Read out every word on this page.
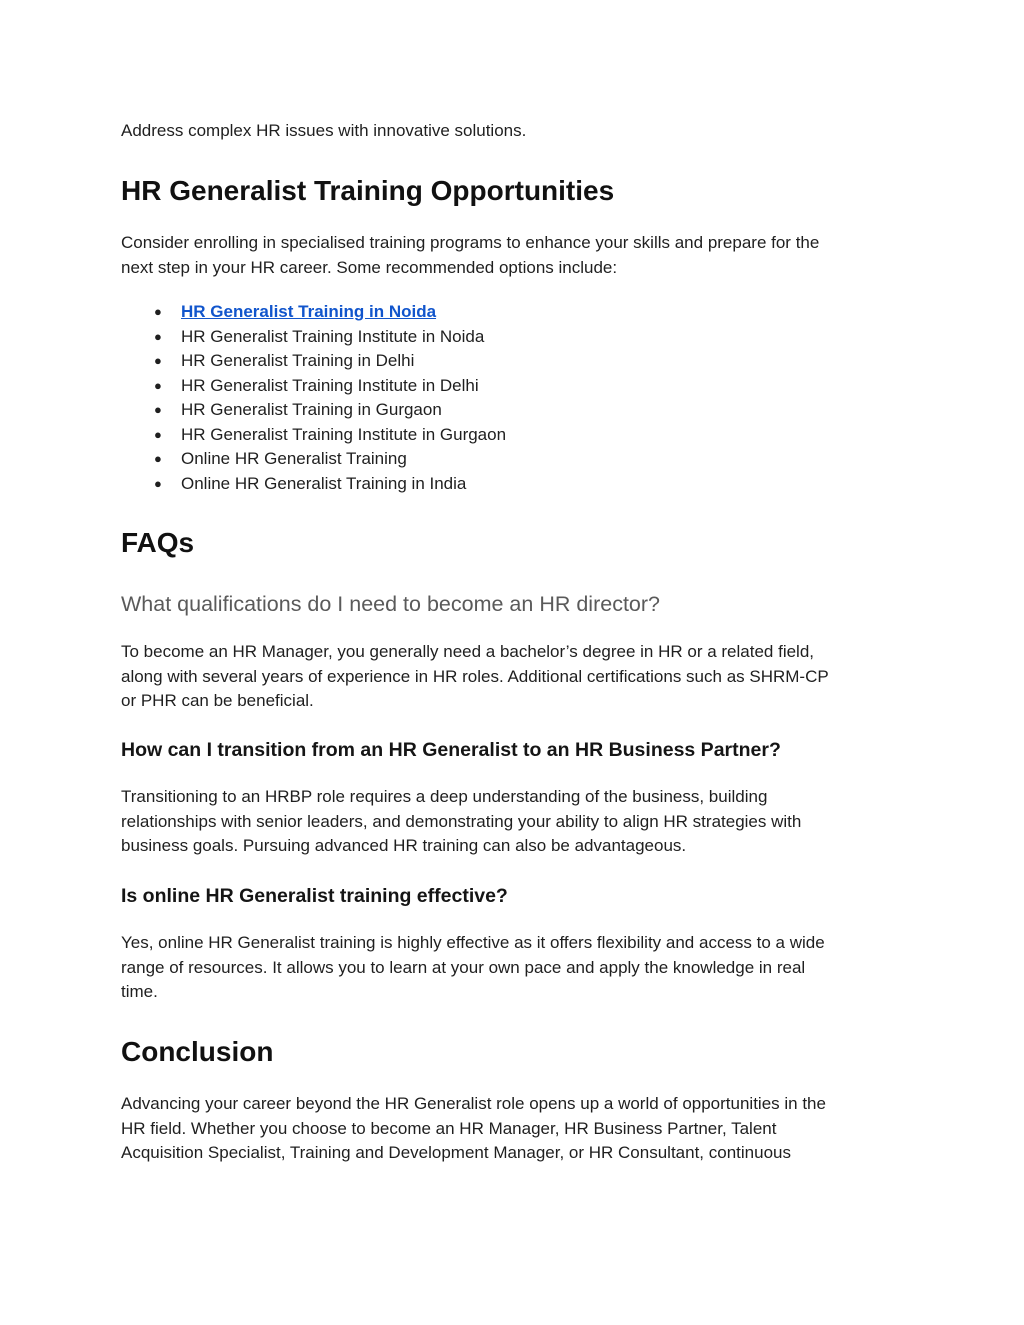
Address complex HR issues with innovative solutions.

HR Generalist Training Opportunities
Consider enrolling in specialised training programs to enhance your skills and prepare for the
next step in your HR career. Some recommended options include:
● HR Generalist Training in Noida
● HR Generalist Training Institute in Noida
● HR Generalist Training in Delhi
● HR Generalist Training Institute in Delhi
● HR Generalist Training in Gurgaon
● HR Generalist Training Institute in Gurgaon
● Online HR Generalist Training
● Online HR Generalist Training in India
FAQs
What qualifications do I need to become an HR director?
To become an HR Manager, you generally need a bachelor’s degree in HR or a related field,
along with several years of experience in HR roles. Additional certifications such as SHRM-CP
or PHR can be beneficial.
How can I transition from an HR Generalist to an HR Business Partner?
Transitioning to an HRBP role requires a deep understanding of the business, building
relationships with senior leaders, and demonstrating your ability to align HR strategies with
business goals. Pursuing advanced HR training can also be advantageous.
Is online HR Generalist training effective?
Yes, online HR Generalist training is highly effective as it offers flexibility and access to a wide
range of resources. It allows you to learn at your own pace and apply the knowledge in real
time.
Conclusion
Advancing your career beyond the HR Generalist role opens up a world of opportunities in the
HR field. Whether you choose to become an HR Manager, HR Business Partner, Talent
Acquisition Specialist, Training and Development Manager, or HR Consultant, continuous
